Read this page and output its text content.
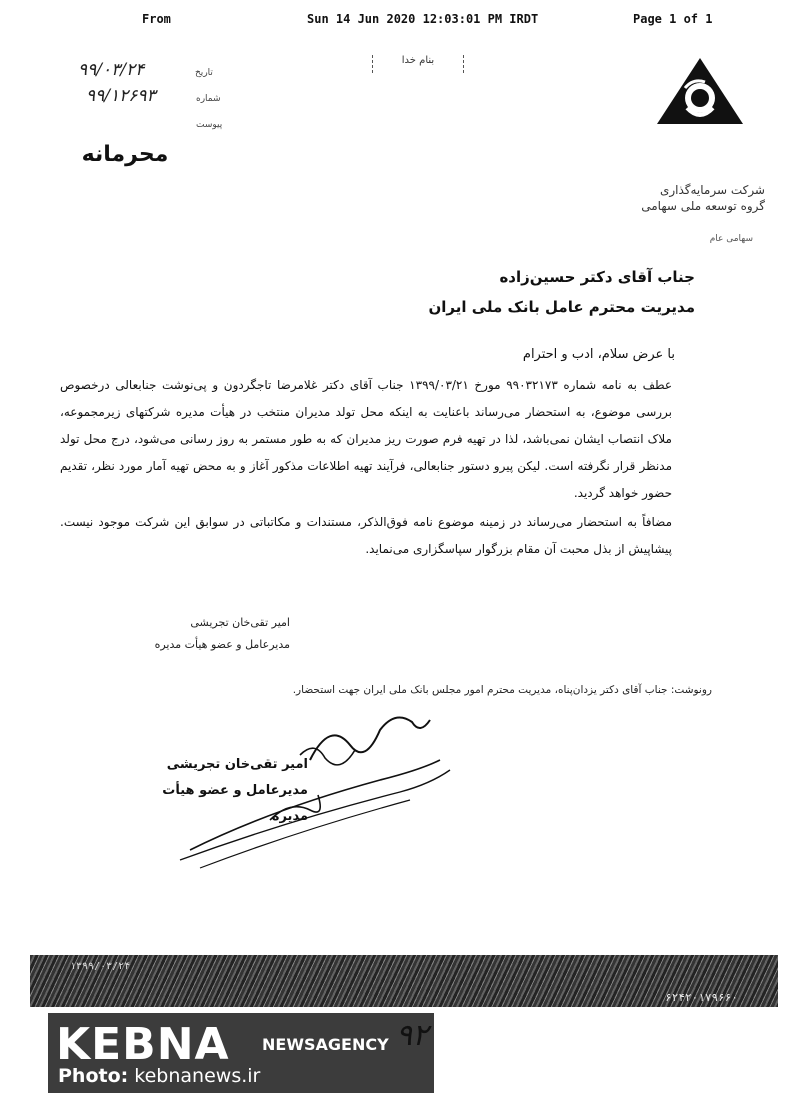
From	Sun 14 Jun 2020 12:03:01 PM IRDT	Page 1 of 1
بنام خدا
شرکت سرمایه‌گذاری
گروه توسعه ملی سهامی
سهامی عام
۹۹/۰۳/۲۴	تاریخ
۹۹/۱۲۶۹۳	شماره
پیوست
محرمانه
جناب آقای دکتر حسین‌زاده
مدیریت محترم عامل بانک ملی ایران
با عرض سلام، ادب و احترام

عطف به نامه شماره ۹۹۰۳۲۱۷۳ مورخ ۱۳۹۹/۰۳/۲۱ جناب آقای دکتر غلامرضا تاجگردون و پی‌نوشت جنابعالی درخصوص بررسی موضوع، به استحضار می‌رساند باعنایت به اینکه محل تولد مدیران منتخب در هیأت مدیره شرکتهای زیرمجموعه، ملاک انتصاب ایشان نمی‌باشد، لذا در تهیه فرم صورت ریز مدیران که به طور مستمر به روز رسانی می‌شود، درج محل تولد مدنظر قرار نگرفته است. لیکن پیرو دستور جنابعالی، فرآیند تهیه اطلاعات مذکور آغاز و به محض تهیه آمار مورد نظر، تقدیم حضور خواهد گردید.

مضافاً به استحضار می‌رساند در زمینه موضوع نامه فوق‌الذکر، مستندات و مکاتباتی در سوابق این شرکت موجود نیست. پیشاپیش از بذل محبت آن مقام بزرگوار سپاسگزاری می‌نماید.

امیر تقی‌خان تجریشی
مدیرعامل و عضو هیأت مدیره
رونوشت: جناب آقای دکتر یزدان‌پناه، مدیریت محترم امور مجلس بانک ملی ایران جهت استحضار.
امیر تقی‌خان تجریشی
مدیرعامل و عضو هیأت مدیره
۶۲۴۲۰۱۷۹۶۶۰
۱۳۹۹/۰۳/۲۴
KEBNA NEWSAGENCY
Photo: kebnanews.ir
۹۲
